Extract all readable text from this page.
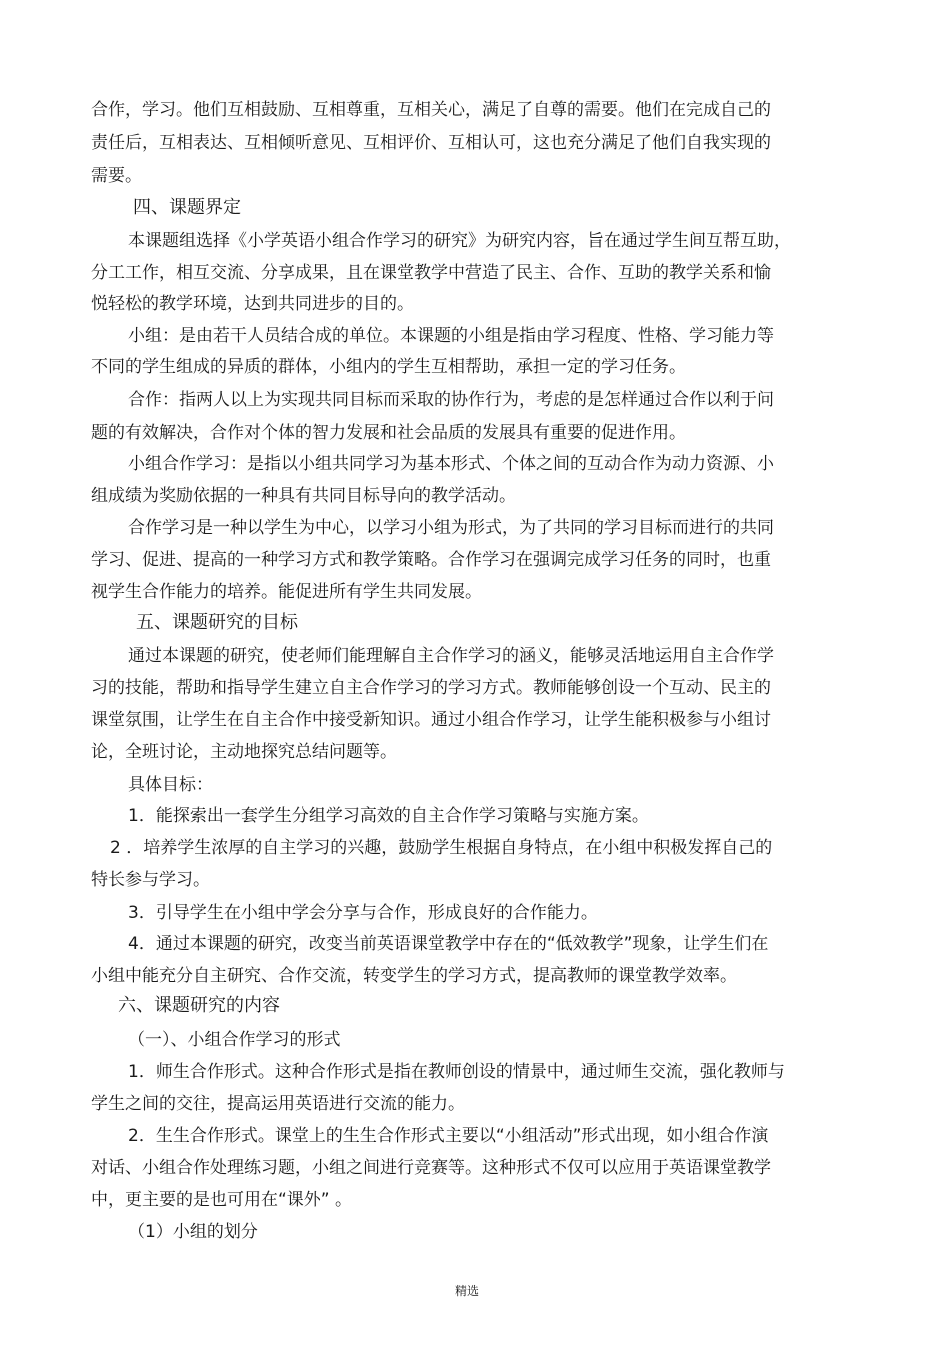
合作，学习。他们互相鼓励、互相尊重，互相关心，满足了自尊的需要。他们在完成自己的
责任后，互相表达、互相倾听意见、互相评价、互相认可，这也充分满足了他们自我实现的
需要。
四、课题界定
本课题组选择《小学英语小组合作学习的研究》为研究内容，旨在通过学生间互帮互助，
分工工作，相互交流、分享成果，且在课堂教学中营造了民主、合作、互助的教学关系和愉
悦轻松的教学环境，达到共同进步的目的。
小组：是由若干人员结合成的单位。本课题的小组是指由学习程度、性格、学习能力等
不同的学生组成的异质的群体，小组内的学生互相帮助，承担一定的学习任务。
合作：指两人以上为实现共同目标而采取的协作行为，考虑的是怎样通过合作以利于问
题的有效解决，合作对个体的智力发展和社会品质的发展具有重要的促进作用。
小组合作学习：是指以小组共同学习为基本形式、个体之间的互动合作为动力资源、小
组成绩为奖励依据的一种具有共同目标导向的教学活动。
合作学习是一种以学生为中心，以学习小组为形式，为了共同的学习目标而进行的共同
学习、促进、提高的一种学习方式和教学策略。合作学习在强调完成学习任务的同时，也重
视学生合作能力的培养。能促进所有学生共同发展。
五、课题研究的目标
通过本课题的研究，使老师们能理解自主合作学习的涵义，能够灵活地运用自主合作学
习的技能，帮助和指导学生建立自主合作学习的学习方式。教师能够创设一个互动、民主的
课堂氛围，让学生在自主合作中接受新知识。通过小组合作学习，让学生能积极参与小组讨
论，全班讨论，主动地探究总结问题等。
具体目标：
1．能探索出一套学生分组学习高效的自主合作学习策略与实施方案。
2 ．培养学生浓厚的自主学习的兴趣，鼓励学生根据自身特点，在小组中积极发挥自己的
特长参与学习。
3．引导学生在小组中学会分享与合作，形成良好的合作能力。
4．通过本课题的研究，改变当前英语课堂教学中存在的“低效教学”现象，让学生们在
小组中能充分自主研究、合作交流，转变学生的学习方式，提高教师的课堂教学效率。
六、课题研究的内容
（一）、小组合作学习的形式
1．师生合作形式。这种合作形式是指在教师创设的情景中，通过师生交流，强化教师与
学生之间的交往，提高运用英语进行交流的能力。
2．生生合作形式。课堂上的生生合作形式主要以“小组活动”形式出现，如小组合作演
对话、小组合作处理练习题，小组之间进行竞赛等。这种形式不仅可以应用于英语课堂教学
中，更主要的是也可用在“课外” 。
（1）小组的划分
精选
